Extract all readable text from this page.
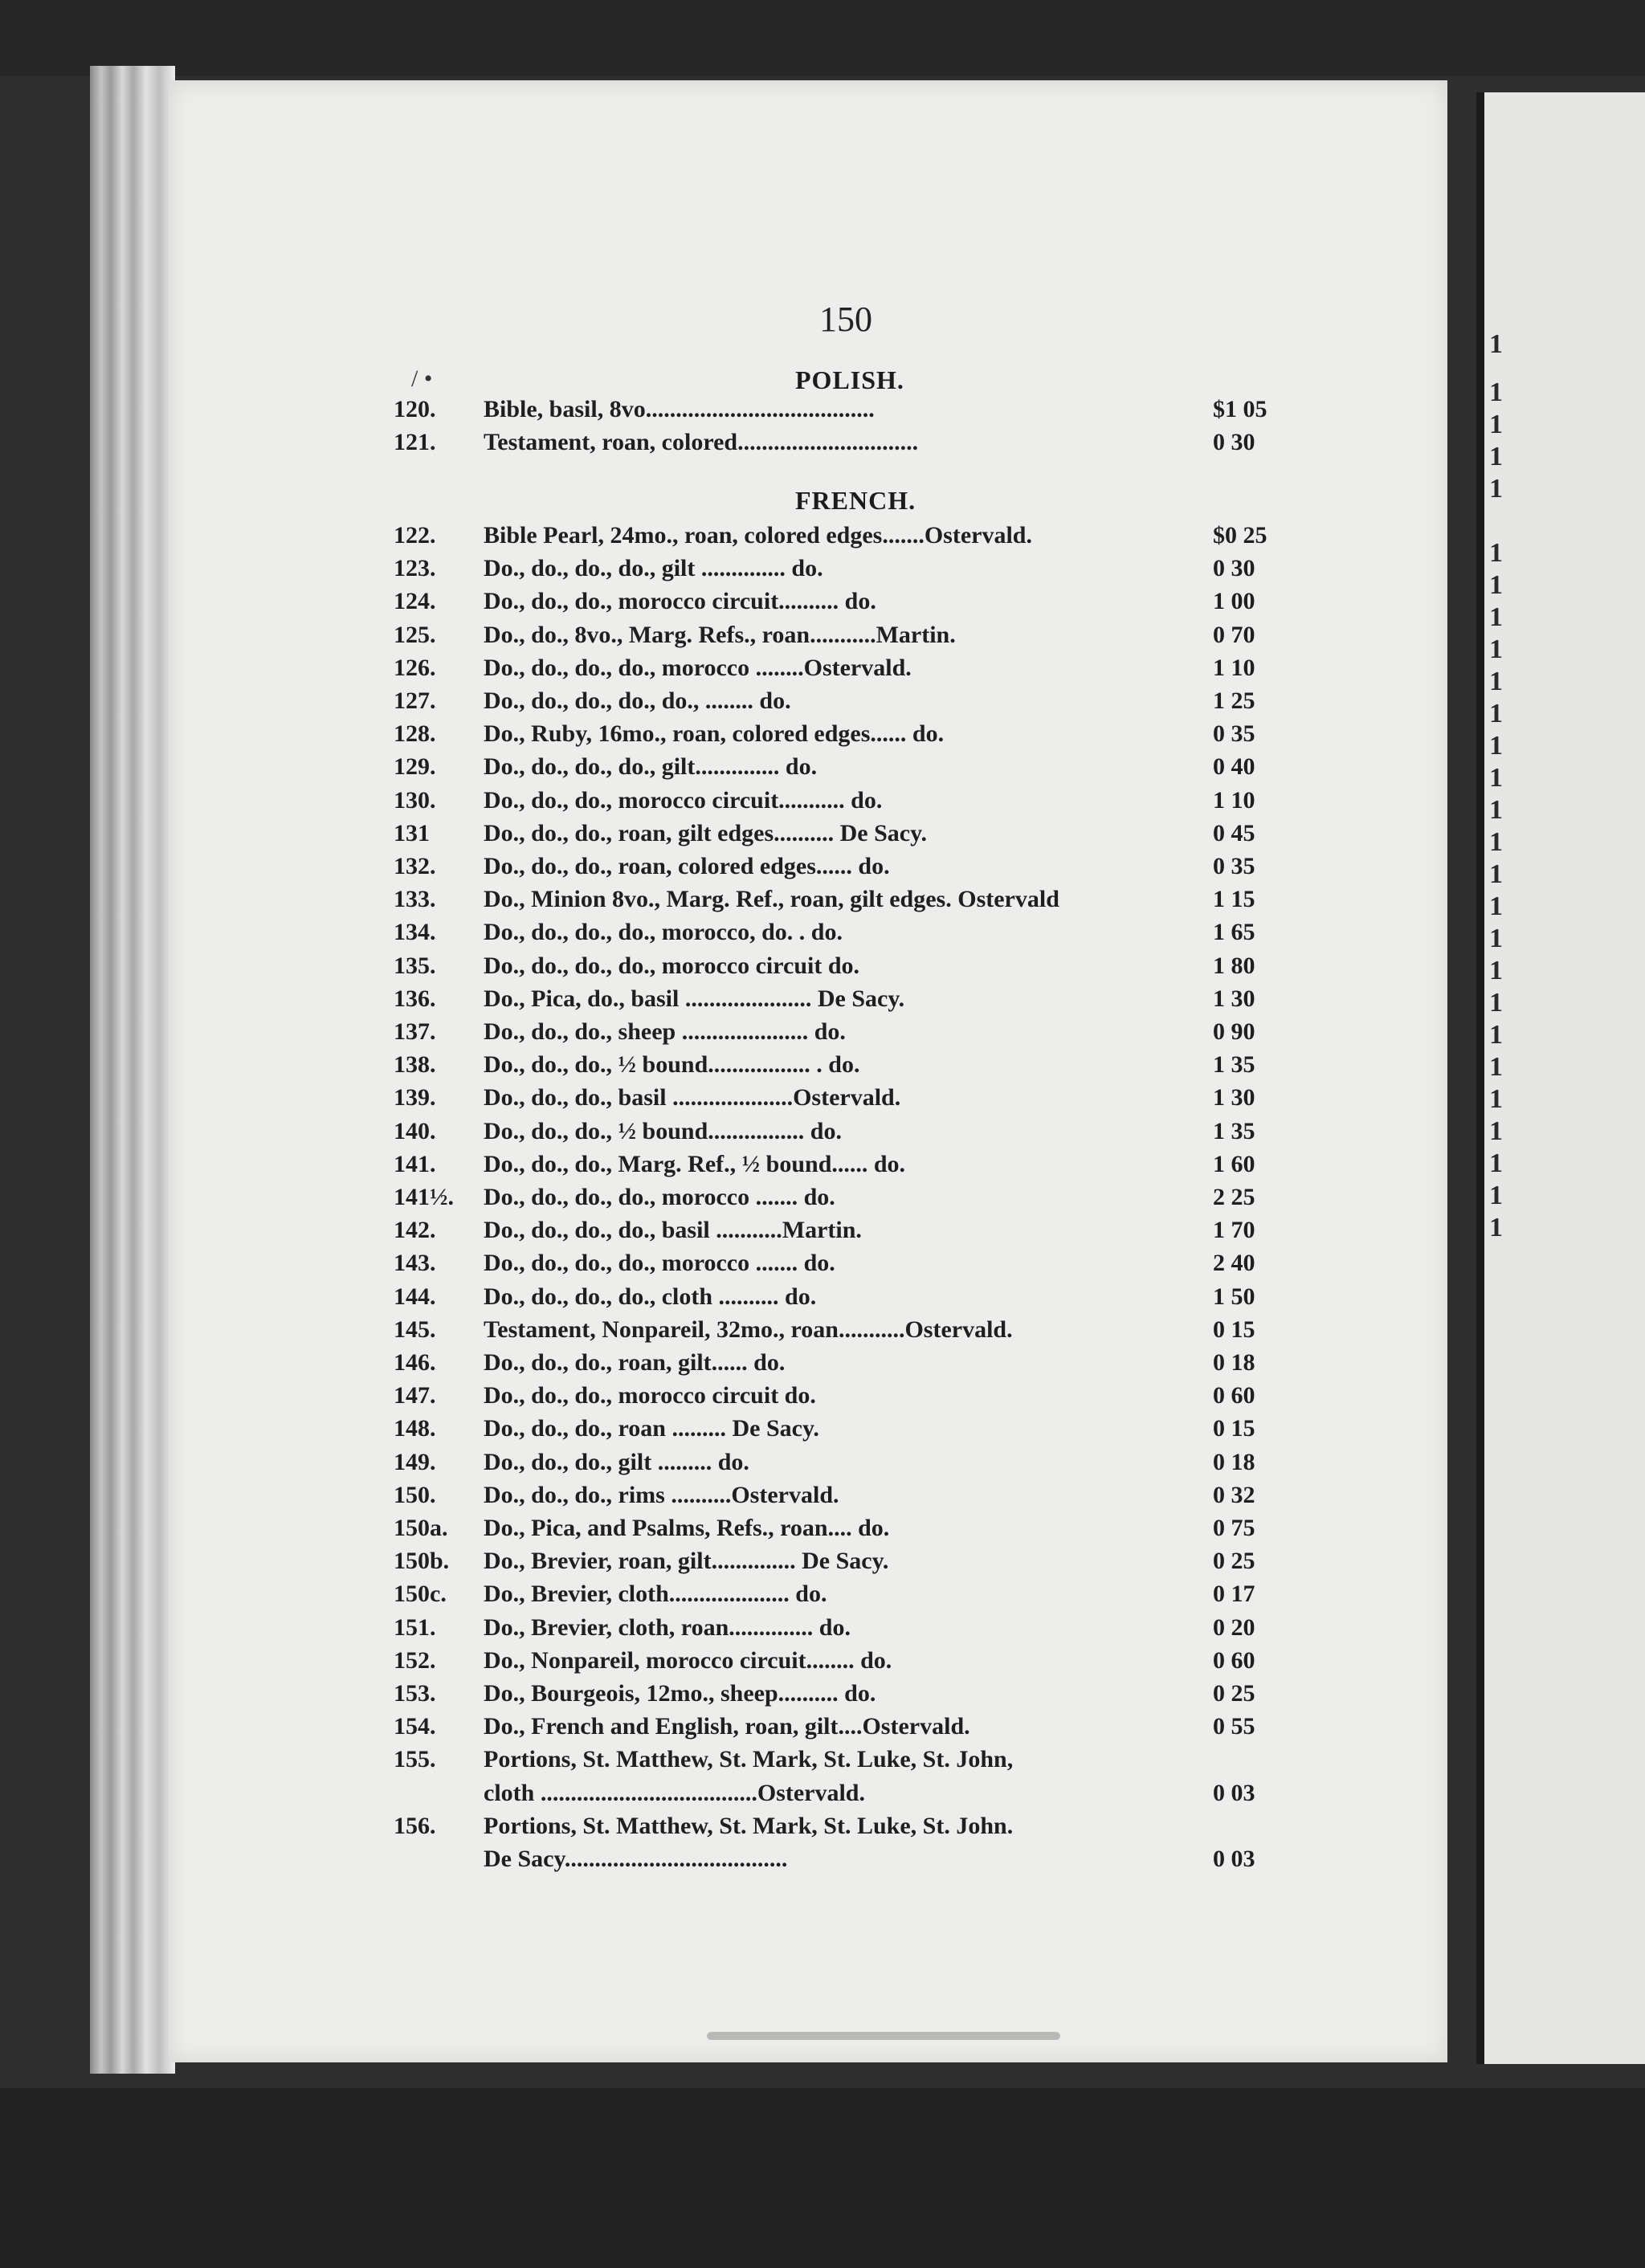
1
1
1
1
1
1
1
1
1
1
1
1
1
1
1
1
1
1
1
1
1
1
1
1
1
1
1
150
/ •	POLISH.
120. Bible, basil, 8vo......................................	$1 05
121. Testament, roan, colored..............................	0 30
FRENCH.
122. Bible Pearl, 24mo., roan, colored edges.......Ostervald.	$0 25
123. Do., do., do., do., gilt .............. do.	0 30
124. Do., do., do., morocco circuit.......... do.	1 00
125. Do., do., 8vo., Marg. Refs., roan...........Martin.	0 70
126. Do., do., do., do., morocco ........Ostervald.	1 10
127. Do., do., do., do., do., ........ do.	1 25
128. Do., Ruby, 16mo., roan, colored edges...... do.	0 35
129. Do., do., do., do., gilt.............. do.	0 40
130. Do., do., do., morocco circuit........... do.	1 10
131 Do., do., do., roan, gilt edges.......... De Sacy.	0 45
132. Do., do., do., roan, colored edges...... do.	0 35
133. Do., Minion 8vo., Marg. Ref., roan, gilt edges. Ostervald	1 15
134. Do., do., do., do., morocco, do. . do.	1 65
135. Do., do., do., do., morocco circuit do.	1 80
136. Do., Pica, do., basil ..................... De Sacy.	1 30
137. Do., do., do., sheep ..................... do.	0 90
138. Do., do., do., ½ bound................. . do.	1 35
139. Do., do., do., basil ....................Ostervald.	1 30
140. Do., do., do., ½ bound................ do.	1 35
141. Do., do., do., Marg. Ref., ½ bound...... do.	1 60
141½. Do., do., do., do., morocco ....... do.	2 25
142. Do., do., do., do., basil ...........Martin.	1 70
143. Do., do., do., do., morocco ....... do.	2 40
144. Do., do., do., do., cloth .......... do.	1 50
145. Testament, Nonpareil, 32mo., roan...........Ostervald.	0 15
146. Do., do., do., roan, gilt...... do.	0 18
147. Do., do., do., morocco circuit do.	0 60
148. Do., do., do., roan ......... De Sacy.	0 15
149. Do., do., do., gilt ......... do.	0 18
150. Do., do., do., rims ..........Ostervald.	0 32
150a. Do., Pica, and Psalms, Refs., roan.... do.	0 75
150b. Do., Brevier, roan, gilt.............. De Sacy.	0 25
150c. Do., Brevier, cloth.................... do.	0 17
151. Do., Brevier, cloth, roan.............. do.	0 20
152. Do., Nonpareil, morocco circuit........ do.	0 60
153. Do., Bourgeois, 12mo., sheep.......... do.	0 25
154. Do., French and English, roan, gilt....Ostervald.	0 55
155. Portions, St. Matthew, St. Mark, St. Luke, St. John,
cloth ....................................Ostervald.	0 03
156. Portions, St. Matthew, St. Mark, St. Luke, St. John.
De Sacy.....................................	0 03
